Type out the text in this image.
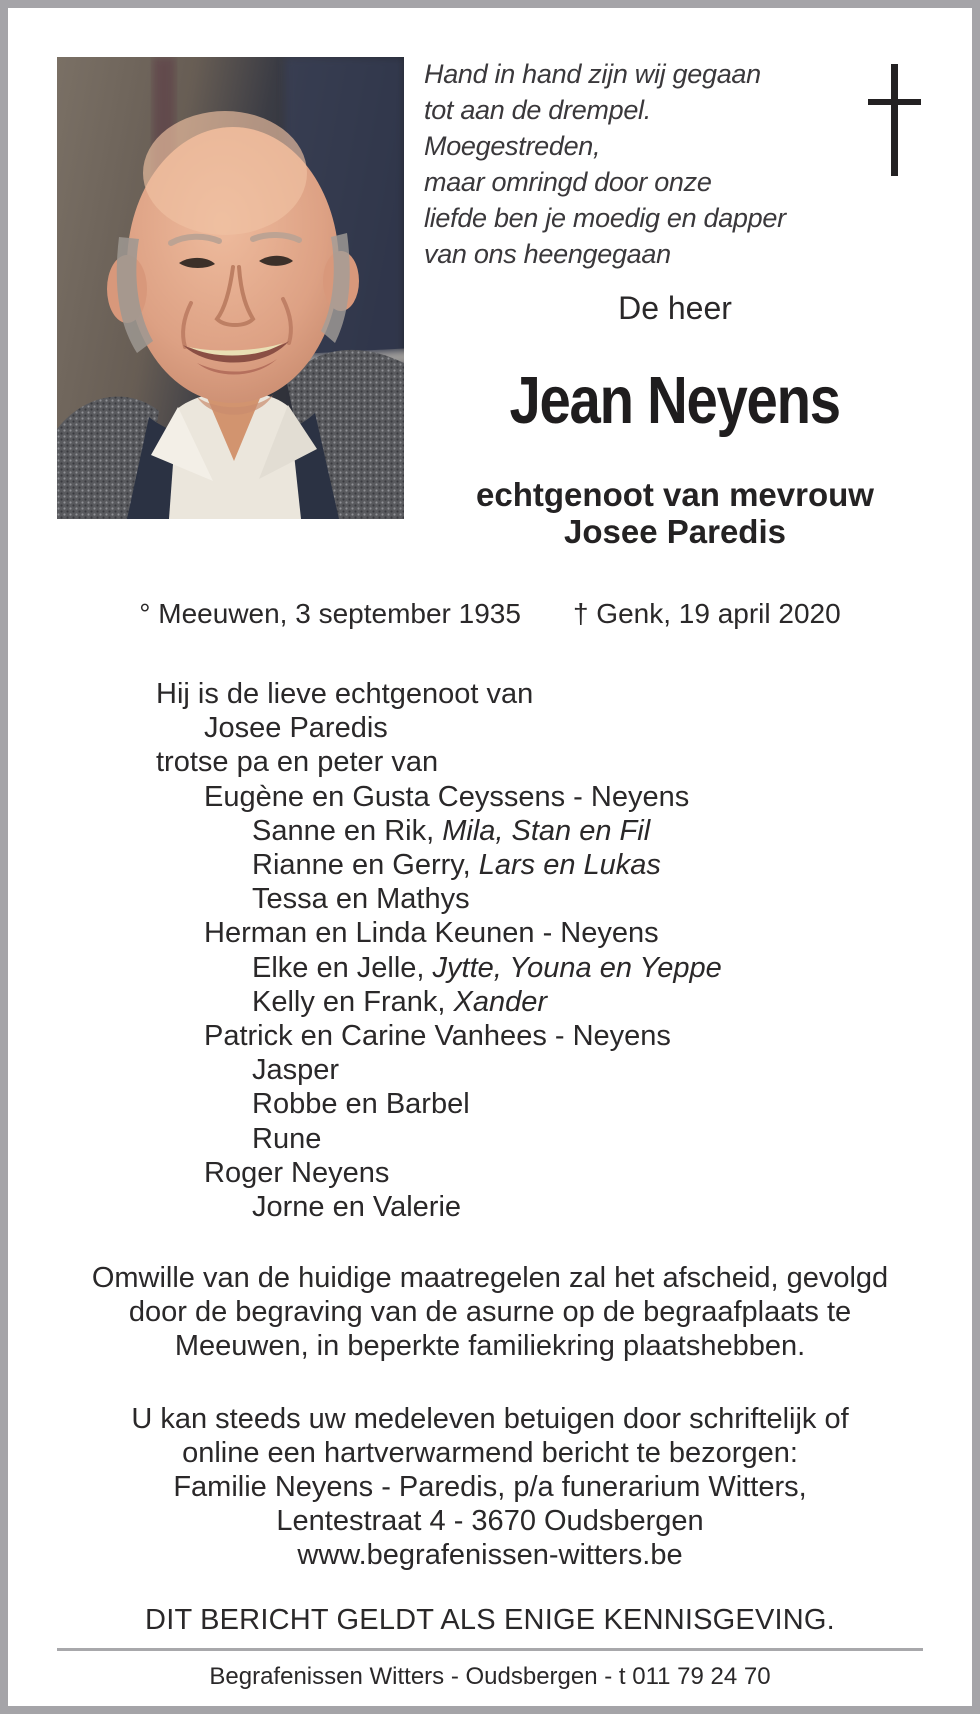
Hand in hand zijn wij gegaan
tot aan de drempel.
Moegestreden,
maar omringd door onze
liefde ben je moedig en dapper
van ons heengegaan
De heer
Jean Neyens
echtgenoot van mevrouw
Josee Paredis
° Meeuwen, 3 september 1935 † Genk, 19 april 2020
Hij is de lieve echtgenoot van
Josee Paredis
trotse pa en peter van
Eugène en Gusta Ceyssens - Neyens
Sanne en Rik, Mila, Stan en Fil
Rianne en Gerry, Lars en Lukas
Tessa en Mathys
Herman en Linda Keunen - Neyens
Elke en Jelle, Jytte, Youna en Yeppe
Kelly en Frank, Xander
Patrick en Carine Vanhees - Neyens
Jasper
Robbe en Barbel
Rune
Roger Neyens
Jorne en Valerie
Omwille van de huidige maatregelen zal het afscheid, gevolgd
door de begraving van de asurne op de begraafplaats te
Meeuwen, in beperkte familiekring plaatshebben.
U kan steeds uw medeleven betuigen door schriftelijk of
online een hartverwarmend bericht te bezorgen:
Familie Neyens - Paredis, p/a funerarium Witters,
Lentestraat 4 - 3670 Oudsbergen
www.begrafenissen-witters.be
DIT BERICHT GELDT ALS ENIGE KENNISGEVING.
Begrafenissen Witters - Oudsbergen - t 011 79 24 70
